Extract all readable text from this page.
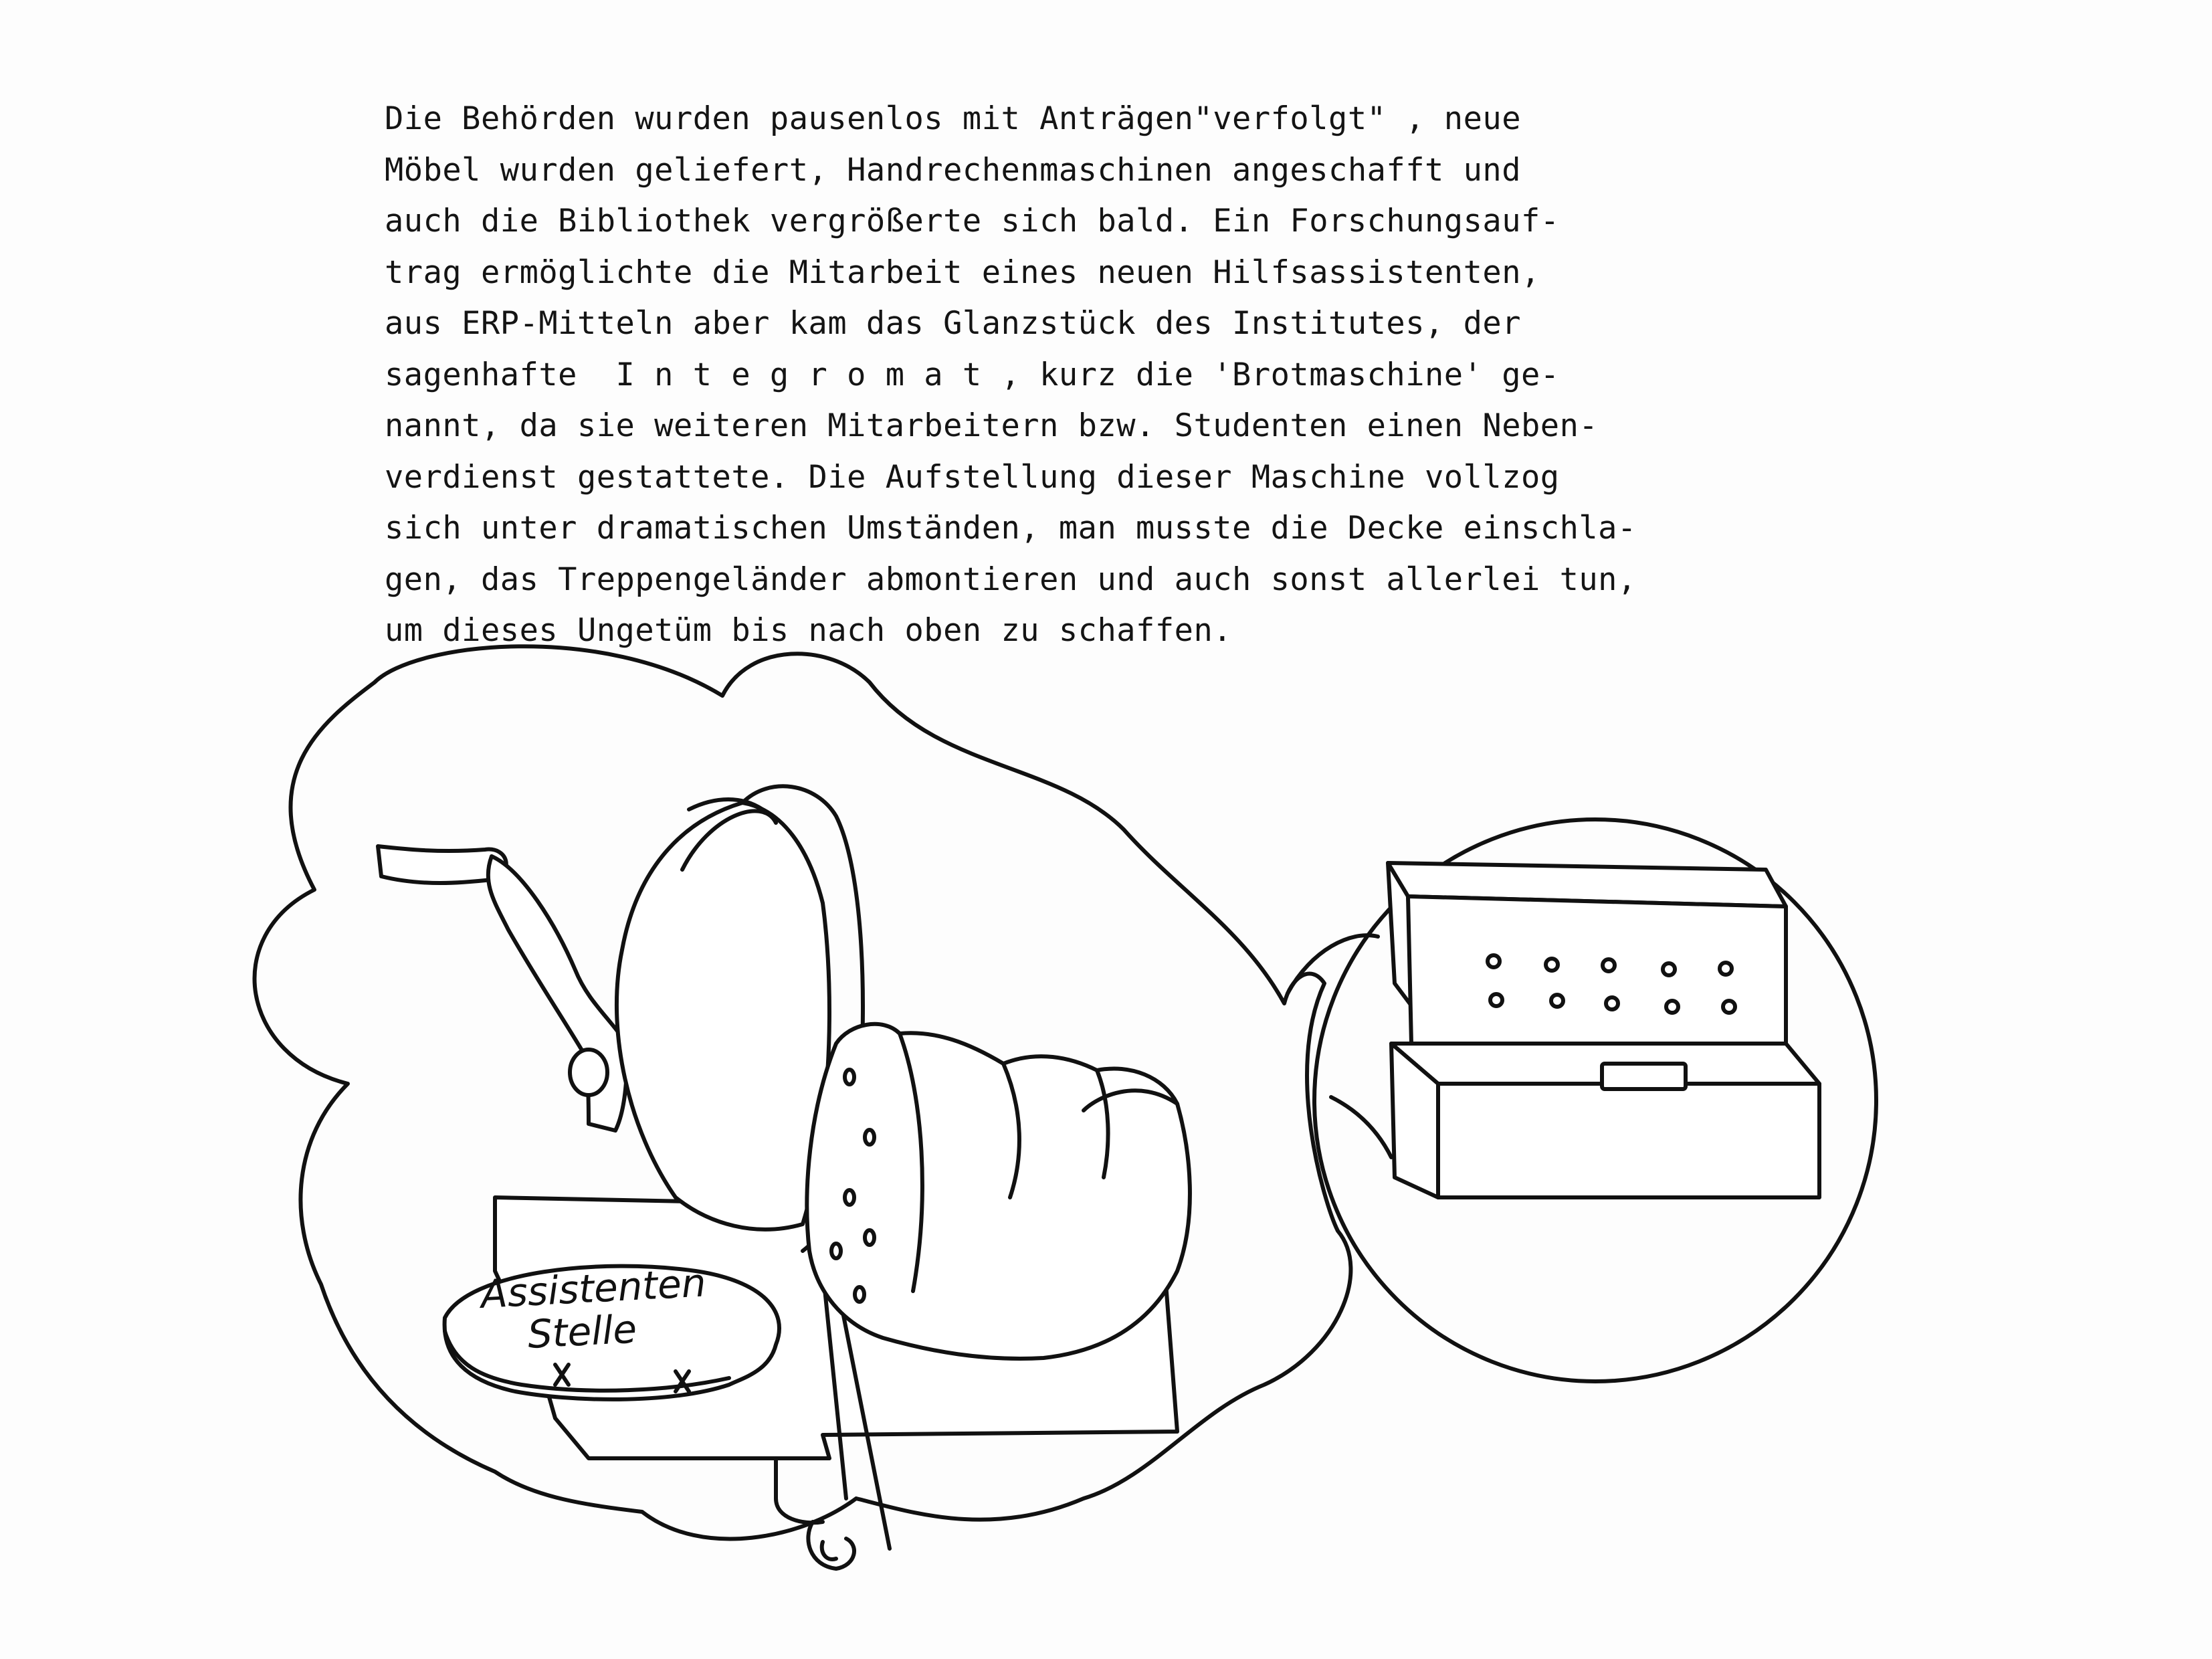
Die Behörden wurden pausenlos mit Anträgen"verfolgt" , neue
Möbel wurden geliefert, Handrechenmaschinen angeschafft und
auch die Bibliothek vergrößerte sich bald. Ein Forschungsauf-
trag ermöglichte die Mitarbeit eines neuen Hilfsassistenten,
aus ERP-Mitteln aber kam das Glanzstück des Institutes, der
sagenhafte  I n t e g r o m a t , kurz die 'Brotmaschine' ge-
nannt, da sie weiteren Mitarbeitern bzw. Studenten einen Neben-
verdienst gestattete. Die Aufstellung dieser Maschine vollzog
sich unter dramatischen Umständen, man musste die Decke einschla-
gen, das Treppengeländer abmontieren und auch sonst allerlei tun,
um dieses Ungetüm bis nach oben zu schaffen.

Assistenten
Stelle
